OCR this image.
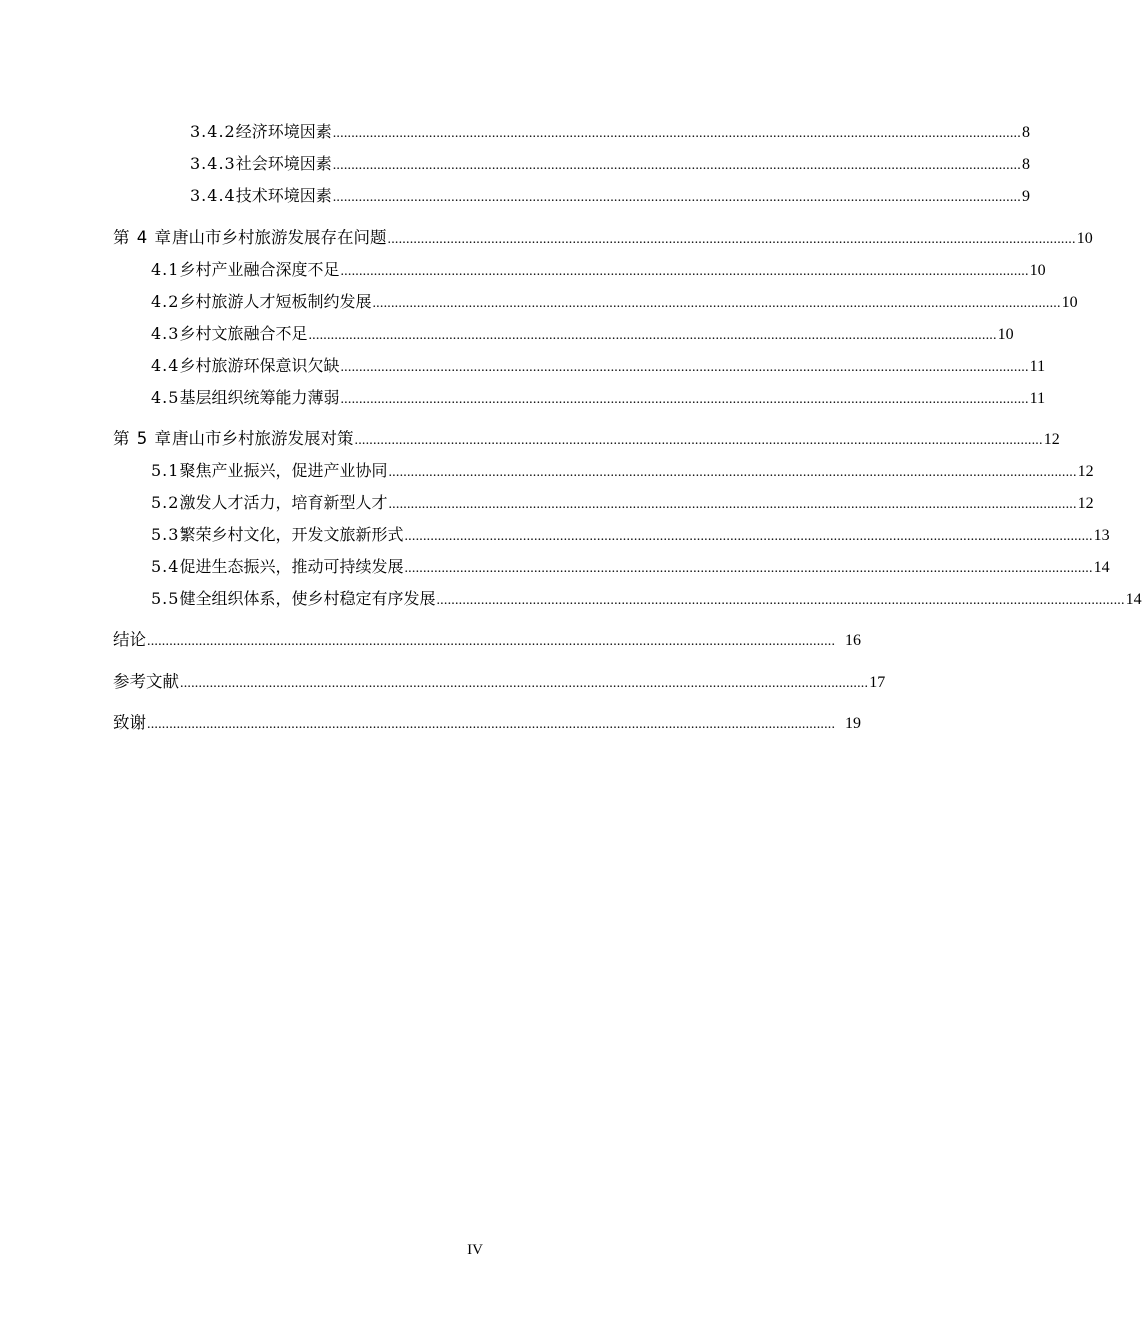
3.4.2 经济环境因素 .......................................................................................................................................................................................... 8
3.4.3 社会环境因素 .......................................................................................................................................................................................... 8
3.4.4 技术环境因素 .......................................................................................................................................................................................... 9
第 4 章 唐山市乡村旅游发展存在问题 .......................................................................................................................................................................................... 10
4.1 乡村产业融合深度不足 .......................................................................................................................................................................................... 10
4.2 乡村旅游人才短板制约发展 .......................................................................................................................................................................................... 10
4.3 乡村文旅融合不足 .......................................................................................................................................................................................... 10
4.4 乡村旅游环保意识欠缺 .......................................................................................................................................................................................... 11
4.5 基层组织统筹能力薄弱 .......................................................................................................................................................................................... 11
第 5 章 唐山市乡村旅游发展对策 .......................................................................................................................................................................................... 12
5.1 聚焦产业振兴，促进产业协同 .......................................................................................................................................................................................... 12
5.2 激发人才活力，培育新型人才 .......................................................................................................................................................................................... 12
5.3 繁荣乡村文化，开发文旅新形式 .......................................................................................................................................................................................... 13
5.4 促进生态振兴，推动可持续发展 .......................................................................................................................................................................................... 14
5.5 健全组织体系，使乡村稳定有序发展 .......................................................................................................................................................................................... 14
结论 .......................................................................................................................................................................................... 16
参考文献 .......................................................................................................................................................................................... 17
致谢 .......................................................................................................................................................................................... 19
IV
